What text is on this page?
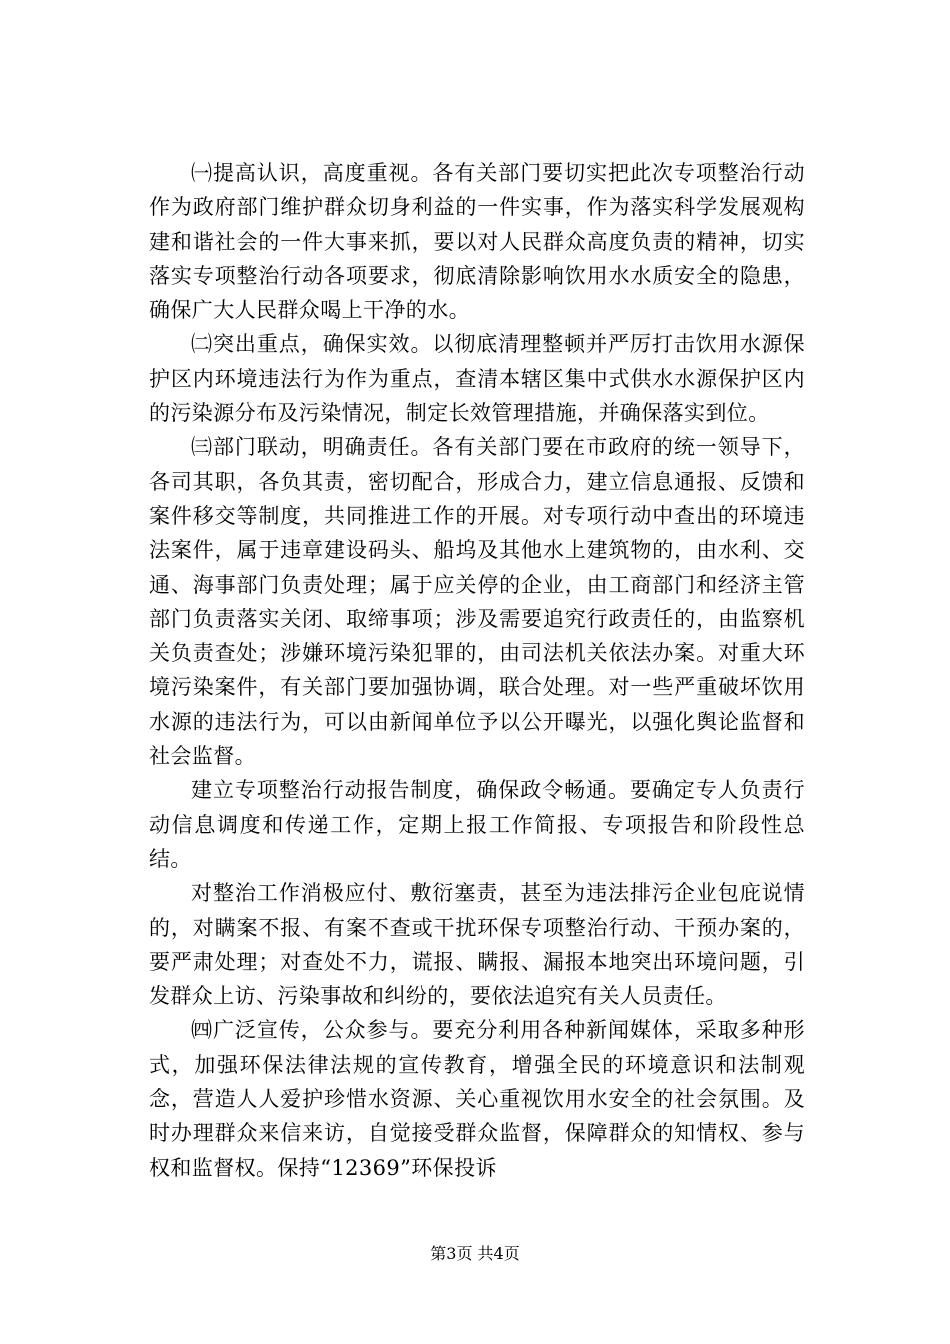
㈠提高认识，高度重视。各有关部门要切实把此次专项整治行动作为政府部门维护群众切身利益的一件实事，作为落实科学发展观构建和谐社会的一件大事来抓，要以对人民群众高度负责的精神，切实落实专项整治行动各项要求，彻底清除影响饮用水水质安全的隐患，确保广大人民群众喝上干净的水。

㈡突出重点，确保实效。以彻底清理整顿并严厉打击饮用水源保护区内环境违法行为作为重点，查清本辖区集中式供水水源保护区内的污染源分布及污染情况，制定长效管理措施，并确保落实到位。

㈢部门联动，明确责任。各有关部门要在市政府的统一领导下，各司其职，各负其责，密切配合，形成合力，建立信息通报、反馈和案件移交等制度，共同推进工作的开展。对专项行动中查出的环境违法案件，属于违章建设码头、船坞及其他水上建筑物的，由水利、交通、海事部门负责处理；属于应关停的企业，由工商部门和经济主管部门负责落实关闭、取缔事项；涉及需要追究行政责任的，由监察机关负责查处；涉嫌环境污染犯罪的，由司法机关依法办案。对重大环境污染案件，有关部门要加强协调，联合处理。对一些严重破坏饮用水源的违法行为，可以由新闻单位予以公开曝光，以强化舆论监督和社会监督。

建立专项整治行动报告制度，确保政令畅通。要确定专人负责行动信息调度和传递工作，定期上报工作简报、专项报告和阶段性总结。

对整治工作消极应付、敷衍塞责，甚至为违法排污企业包庇说情的，对瞒案不报、有案不查或干扰环保专项整治行动、干预办案的，要严肃处理；对查处不力，谎报、瞒报、漏报本地突出环境问题，引发群众上访、污染事故和纠纷的，要依法追究有关人员责任。

㈣广泛宣传，公众参与。要充分利用各种新闻媒体，采取多种形式，加强环保法律法规的宣传教育，增强全民的环境意识和法制观念，营造人人爱护珍惜水资源、关心重视饮用水安全的社会氛围。及时办理群众来信来访，自觉接受群众监督，保障群众的知情权、参与权和监督权。保持“12369”环保投诉

第3页 共4页
